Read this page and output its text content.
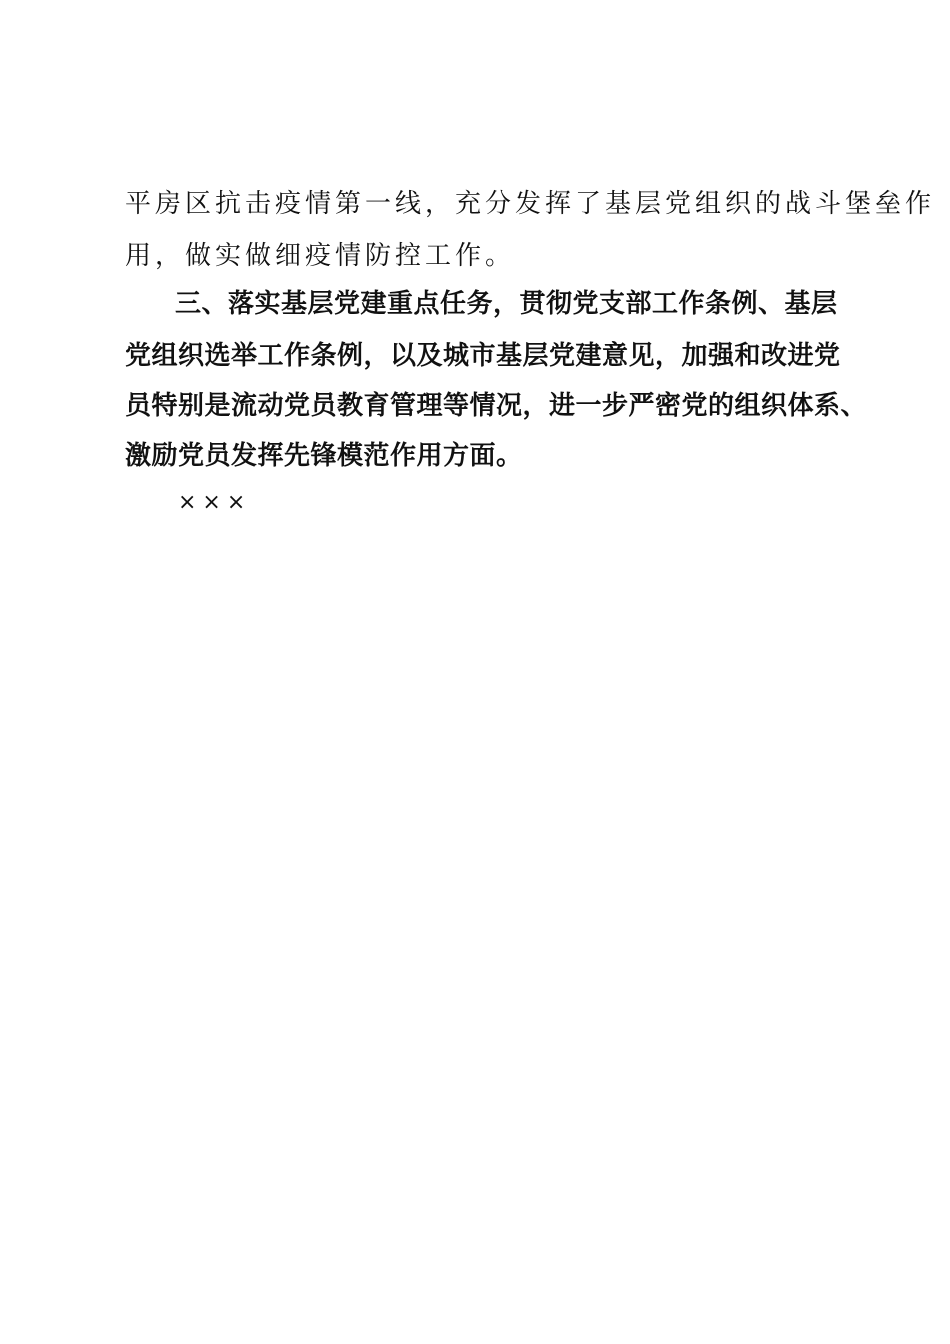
平房区抗击疫情第一线，充分发挥了基层党组织的战斗堡垒作
用，做实做细疫情防控工作。
三、落实基层党建重点任务，贯彻党支部工作条例、基层
党组织选举工作条例，以及城市基层党建意见，加强和改进党
员特别是流动党员教育管理等情况，进一步严密党的组织体系、
激励党员发挥先锋模范作用方面。
×××
